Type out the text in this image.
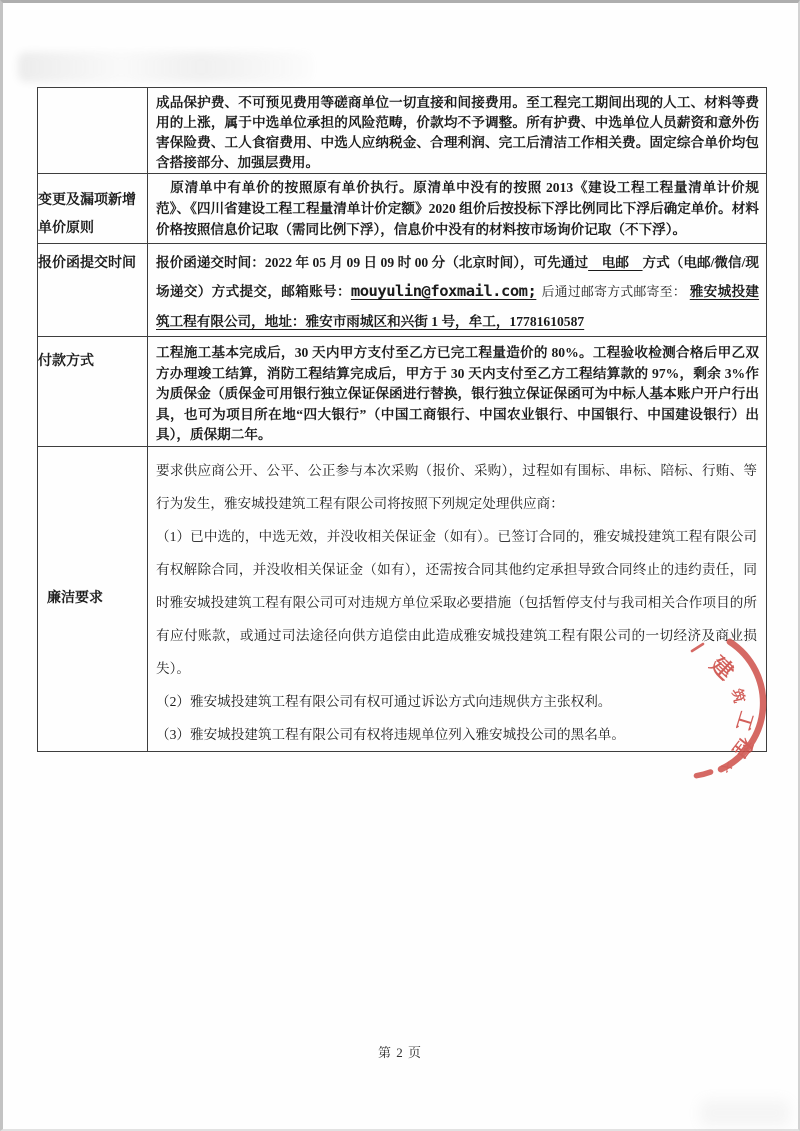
	成品保护费、不可预见费用等磋商单位一切直接和间接费用。至工程完工期间出现的人工、材料等费用的上涨，属于中选单位承担的风险范畴，价款均不予调整。所有护费、中选单位人员薪资和意外伤害保险费、工人食宿费用、中选人应纳税金、合理利润、完工后清洁工作相关费。固定综合单价均包含搭接部分、加强层费用。

变更及漏项新增
单价原则	　原清单中有单价的按照原有单价执行。原清单中没有的按照 2013《建设工程工程量清单计价规范》、《四川省建设工程工程量清单计价定额》2020 组价后按投标下浮比例同比下浮后确定单价。材料价格按照信息价记取（需同比例下浮），信息价中没有的材料按市场询价记取（不下浮）。
报价函提交时间	报价函递交时间：2022 年 05 月 09 日 09 时 00 分（北京时间），可先通过　电邮　方式（电邮/微信/现场递交）方式提交，邮箱账号：mouyulin@foxmail.com; 后通过邮寄方式邮寄至： 雅安城投建筑工程有限公司，地址：雅安市雨城区和兴街 1 号，牟工，17781610587
付款方式	工程施工基本完成后，30 天内甲方支付至乙方已完工程量造价的 80%。工程验收检测合格后甲乙双方办理竣工结算，消防工程结算完成后，甲方于 30 天内支付至乙方工程结算款的 97%，剩余 3%作为质保金（质保金可用银行独立保证保函进行替换，银行独立保证保函可为中标人基本账户开户行出具，也可为项目所在地“四大银行”（中国工商银行、中国农业银行、中国银行、中国建设银行）出具），质保期二年。
廉洁要求	要求供应商公开、公平、公正参与本次采购（报价、采购），过程如有围标、串标、陪标、行贿、等行为发生，雅安城投建筑工程有限公司将按照下列规定处理供应商：

（1）已中选的，中选无效，并没收相关保证金（如有）。已签订合同的，雅安城投建筑工程有限公司有权解除合同，并没收相关保证金（如有），还需按合同其他约定承担导致合同终止的违约责任，同时雅安城投建筑工程有限公司可对违规方单位采取必要措施（包括暂停支付与我司相关合作项目的所有应付账款，或通过司法途径向供方追偿由此造成雅安城投建筑工程有限公司的一切经济及商业损失）。

（2）雅安城投建筑工程有限公司有权可通过诉讼方式向违规供方主张权利。

（3）雅安城投建筑工程有限公司有权将违规单位列入雅安城投公司的黑名单。

建
筑
工
程
十
第 2 页
